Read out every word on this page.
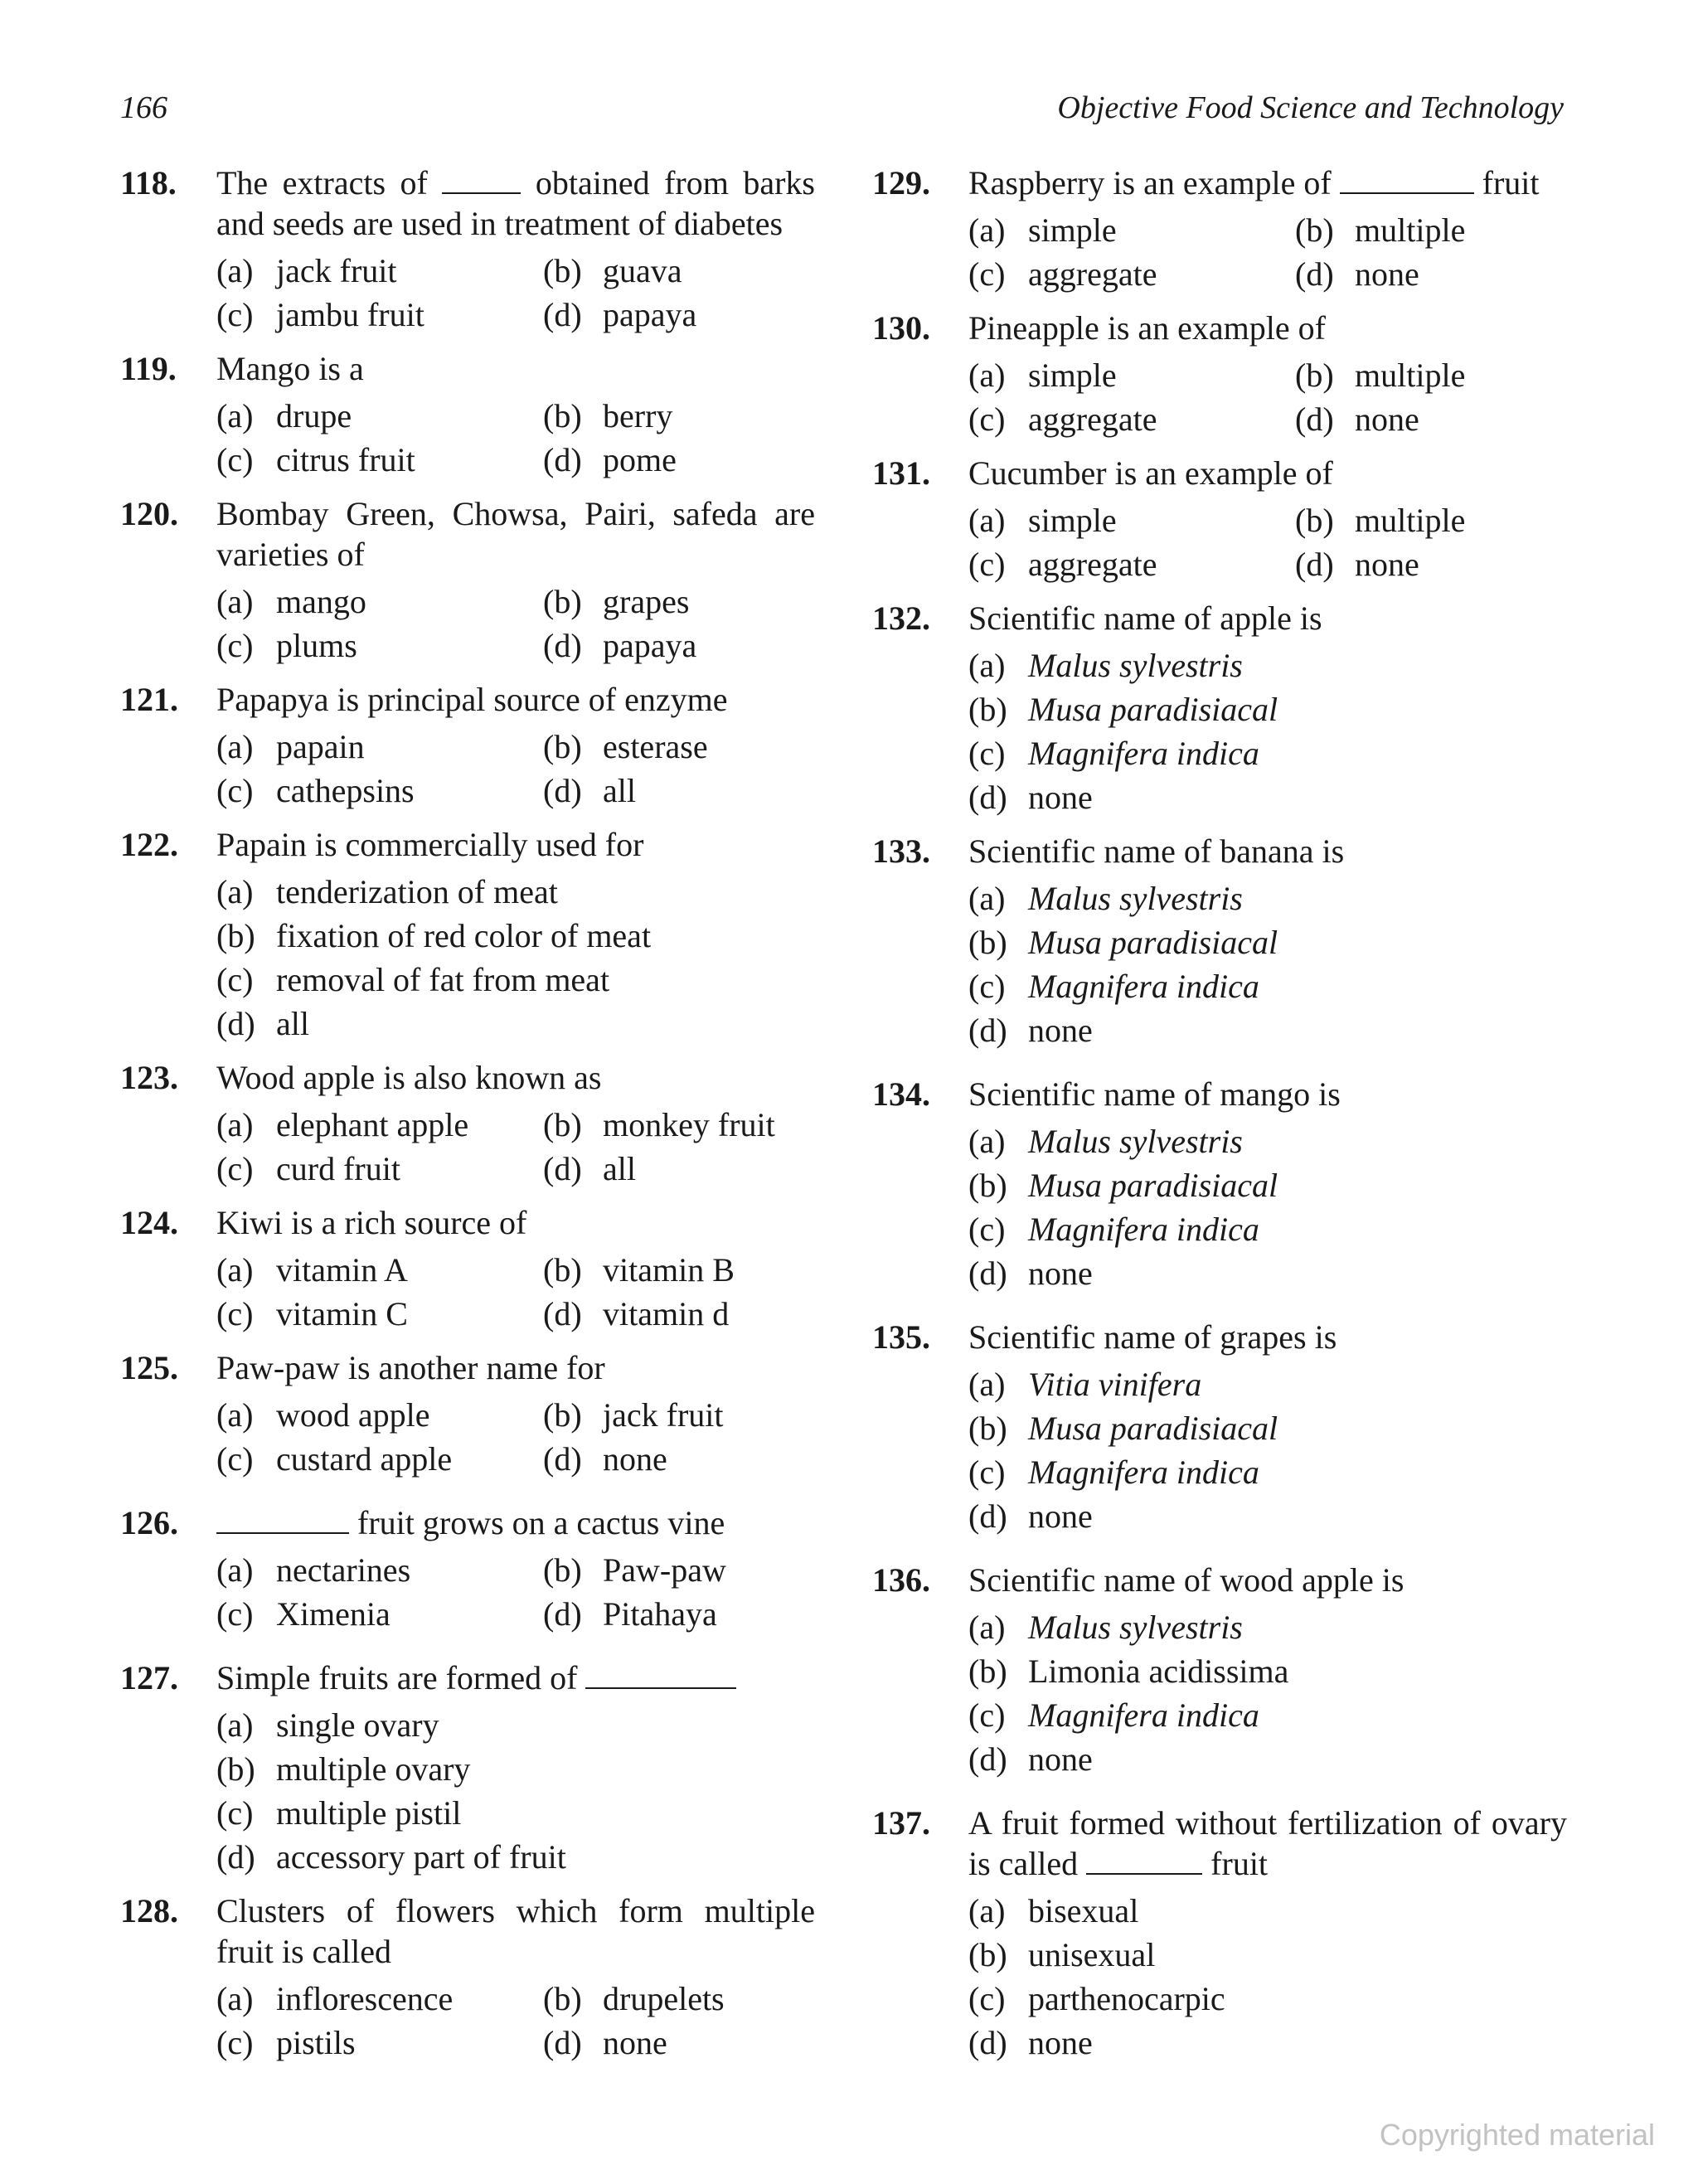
166	Objective Food Science and Technology
118. The extracts of	obtained from barks and seeds are used in treatment of diabetes
(a) jack fruit	(b) guava
(c) jambu fruit	(d) papaya
119. Mango is a
(a) drupe	(b) berry
(c) citrus fruit	(d) pome
120. Bombay Green, Chowsa, Pairi, safeda are varieties of
(a) mango	(b) grapes
(c) plums	(d) papaya
121. Papapya is principal source of enzyme
(a) papain	(b) esterase
(c) cathepsins	(d) all
122. Papain is commercially used for
(a) tenderization of meat
(b) fixation of red color of meat
(c) removal of fat from meat
(d) all
123. Wood apple is also known as
(a) elephant apple (b) monkey fruit
(c) curd fruit	(d) all
124. Kiwi is a rich source of
(a) vitamin A	(b) vitamin B
(c) vitamin C	(d) vitamin d
125. Paw-paw is another name for
(a) wood apple	(b) jack fruit
(c) custard apple	(d) none
126.	fruit grows on a cactus vine
(a) nectarines	(b) Paw-paw
(c) Ximenia	(d) Pitahaya
127. Simple fruits are formed of
(a) single ovary
(b) multiple ovary
(c) multiple pistil
(d) accessory part of fruit
128. Clusters of flowers which form multiple fruit is called
(a) inflorescence	(b) drupelets
(c) pistils	(d) none
129. Raspberry is an example of	fruit
(a) simple	(b) multiple
(c) aggregate	(d) none
130. Pineapple is an example of
(a) simple	(b) multiple
(c) aggregate	(d) none
131. Cucumber is an example of
(a) simple	(b) multiple
(c) aggregate	(d) none
132. Scientific name of apple is
(a) Malus sylvestris
(b) Musa paradisiacal
(c) Magnifera indica
(d) none
133. Scientific name of banana is
(a) Malus sylvestris
(b) Musa paradisiacal
(c) Magnifera indica
(d) none
134. Scientific name of mango is
(a) Malus sylvestris
(b) Musa paradisiacal
(c) Magnifera indica
(d) none
135. Scientific name of grapes is
(a) Vitia vinifera
(b) Musa paradisiacal
(c) Magnifera indica
(d) none
136. Scientific name of wood apple is
(a) Malus sylvestris
(b) Limonia acidissima
(c) Magnifera indica
(d) none
137. A fruit formed without fertilization of ovary is called	fruit
(a) bisexual
(b) unisexual
(c) parthenocarpic
(d) none
Copyrighted material
